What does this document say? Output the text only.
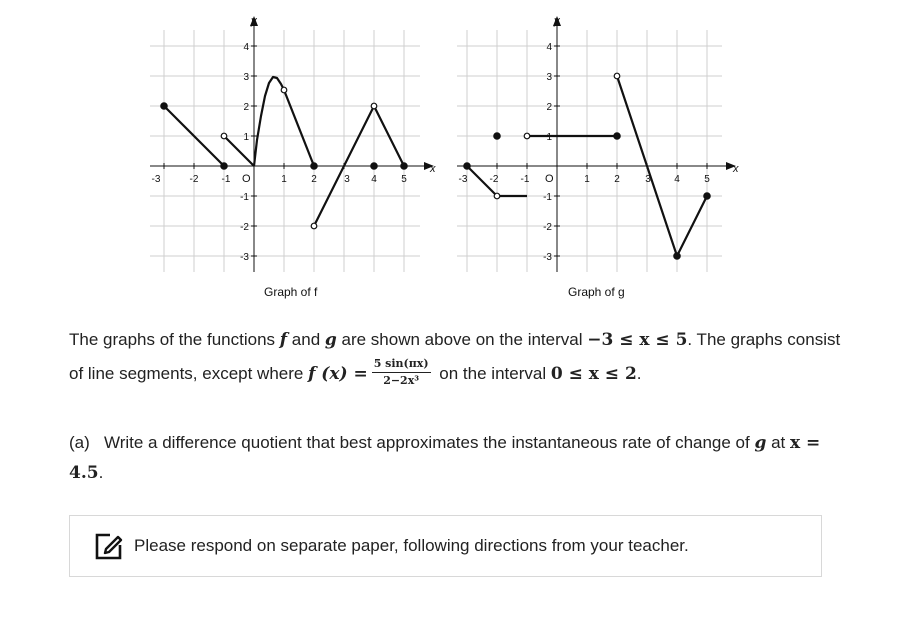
x
y
O
-3	-2 -1	1 2	3 4 5
-3
-2
-1
1
2
3
4
Graph of f
x
y
O
-3 -2 -1	1 2	3 4 5
-3
-2
-1
1
2
3
4
Graph of g
The graphs of the functions f and g are shown above on the interval −3 ≤ x ≤ 5. The graphs consist of line segments, except where f $(x) = \frac{5 \sin(\pi x)}{\text{2−2x³}}$ on the interval 0 ≤ x ≤ 2.
(a) Write a difference quotient that best approximates the instantaneous rate of change of g at x = 4.5.
Please respond on separate paper, following directions from your teacher.
